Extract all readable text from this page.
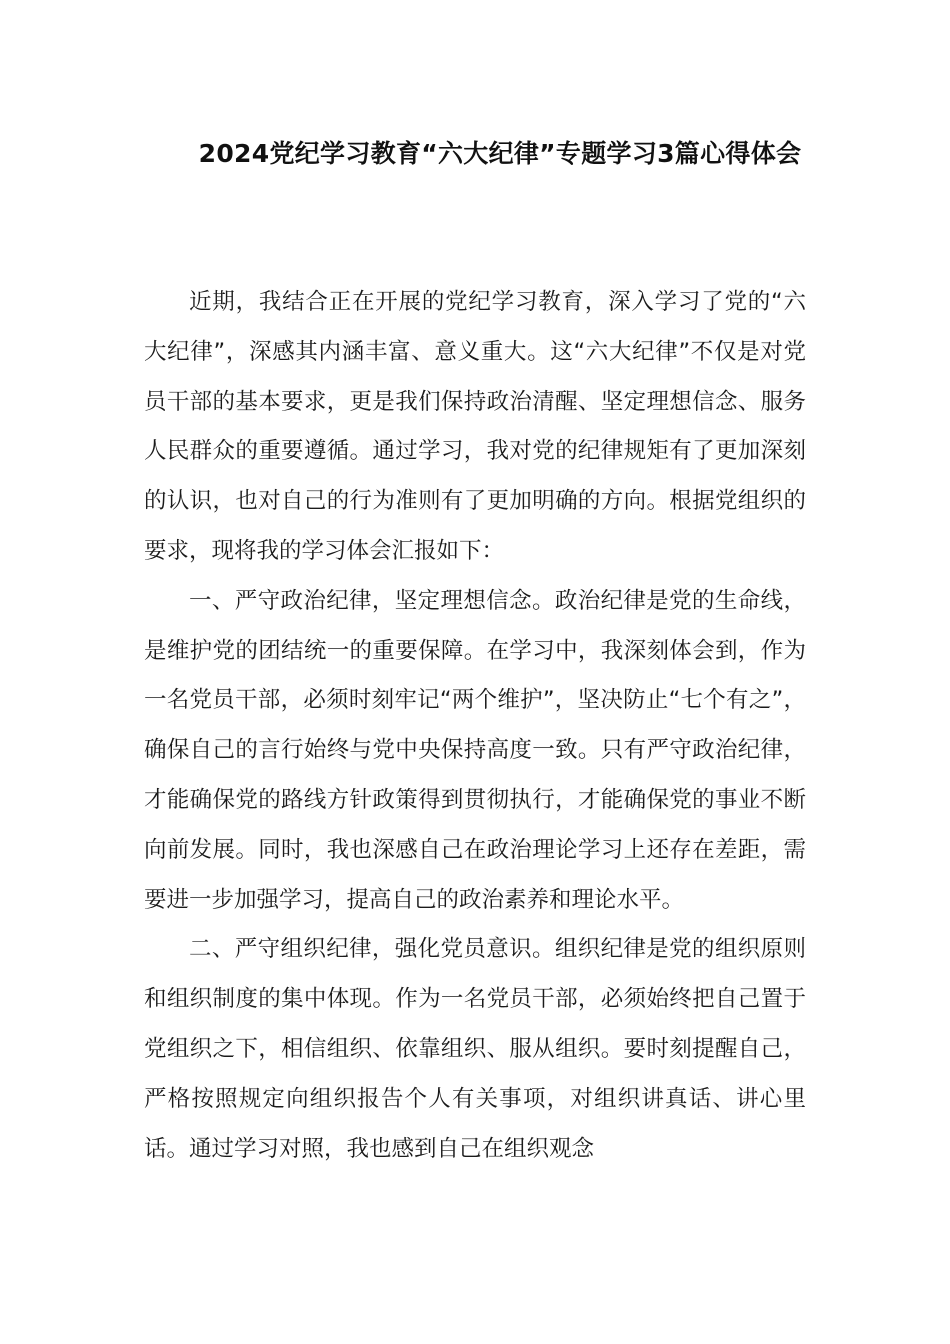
2024党纪学习教育“六大纪律”专题学习3篇心得体会

近期，我结合正在开展的党纪学习教育，深入学习了党的“六大纪律”，深感其内涵丰富、意义重大。这“六大纪律”不仅是对党员干部的基本要求，更是我们保持政治清醒、坚定理想信念、服务人民群众的重要遵循。通过学习，我对党的纪律规矩有了更加深刻的认识，也对自己的行为准则有了更加明确的方向。根据党组织的要求，现将我的学习体会汇报如下：

一、严守政治纪律，坚定理想信念。政治纪律是党的生命线，是维护党的团结统一的重要保障。在学习中，我深刻体会到，作为一名党员干部，必须时刻牢记“两个维护”，坚决防止“七个有之”，确保自己的言行始终与党中央保持高度一致。只有严守政治纪律，才能确保党的路线方针政策得到贯彻执行，才能确保党的事业不断向前发展。同时，我也深感自己在政治理论学习上还存在差距，需要进一步加强学习，提高自己的政治素养和理论水平。

二、严守组织纪律，强化党员意识。组织纪律是党的组织原则和组织制度的集中体现。作为一名党员干部，必须始终把自己置于党组织之下，相信组织、依靠组织、服从组织。要时刻提醒自己，严格按照规定向组织报告个人有关事项，对组织讲真话、讲心里话。通过学习对照，我也感到自己在组织观念
